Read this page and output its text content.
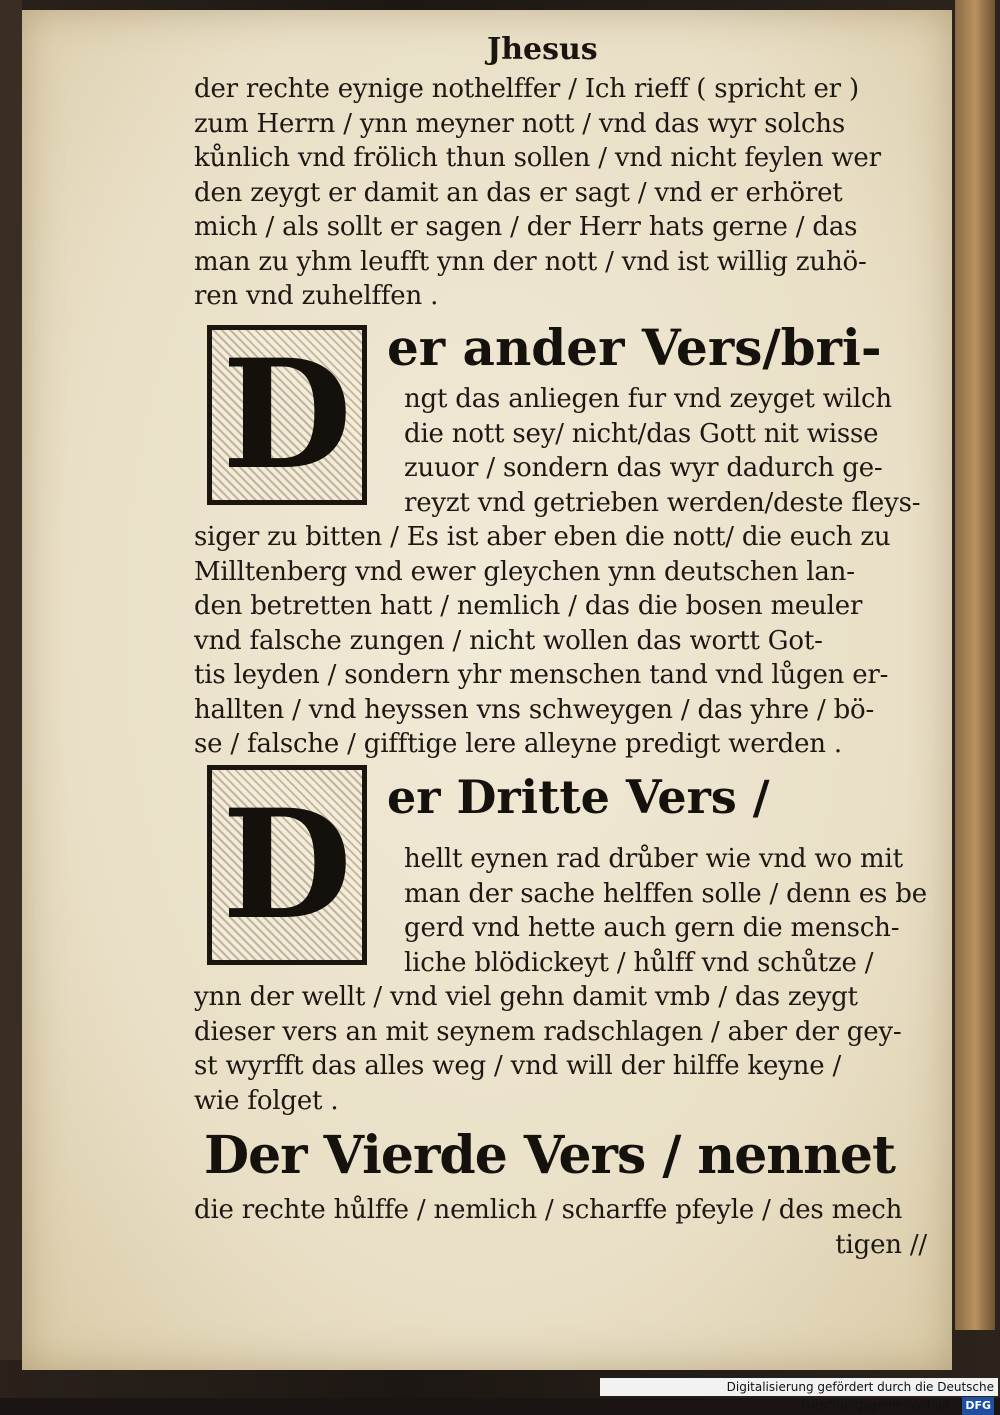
Jhesus
der rechte eynige nothelffer / Ich rieff ( spricht er )
zum Herrn / ynn meyner nott / vnd das wyr solchs
kůnlich vnd frölich thun sollen / vnd nicht feylen wer
den zeygt er damit an das er sagt / vnd er erhöret
mich / als sollt er sagen / der Herr hats gerne / das
man zu yhm leufft ynn der nott / vnd ist willig zuhö-
ren vnd zuhelffen .
D er ander Vers/bri-
ngt das anliegen fur vnd zeyget wilch
die nott sey/ nicht/das Gott nit wisse
zuuor / sondern das wyr dadurch ge-
reyzt vnd getrieben werden/deste fleys-
siger zu bitten / Es ist aber eben die nott/ die euch zu
Milltenberg vnd ewer gleychen ynn deutschen lan-
den betretten hatt / nemlich / das die bosen meuler
vnd falsche zungen / nicht wollen das wortt Got-
tis leyden / sondern yhr menschen tand vnd lůgen er-
hallten / vnd heyssen vns schweygen / das yhre / bö-
se / falsche / gifftige lere alleyne predigt werden .
D er Dritte Vers /
hellt eynen rad drůber wie vnd wo mit
man der sache helffen solle / denn es be
gerd vnd hette auch gern die mensch-
liche blödickeyt / hůlff vnd schůtze /
ynn der wellt / vnd viel gehn damit vmb / das zeygt
dieser vers an mit seynem radschlagen / aber der gey-
st wyrfft das alles weg / vnd will der hilffe keyne /
wie folget .
Der Vierde Vers / nennet
die rechte hůlffe / nemlich / scharffe pfeyle / des mech
tigen //
Digitalisierung gefördert durch die Deutsche Forschungsgemeinschaft · DFG
